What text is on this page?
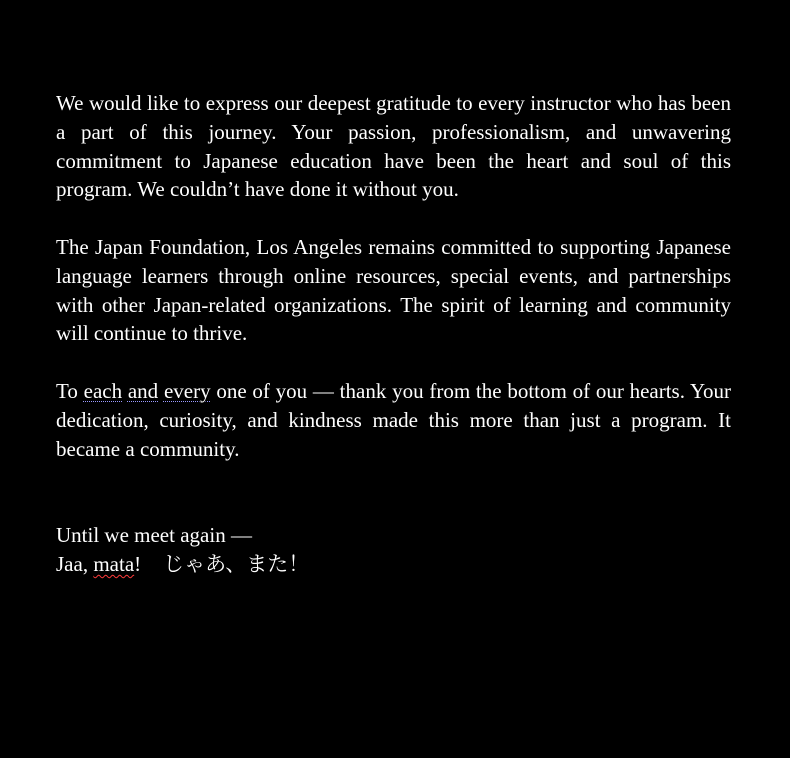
We would like to express our deepest gratitude to every instructor who has been a part of this journey. Your passion, professionalism, and unwavering commitment to Japanese education have been the heart and soul of this program. We couldn’t have done it without you.

The Japan Foundation, Los Angeles remains committed to supporting Japanese language learners through online resources, special events, and partnerships with other Japan-related organizations. The spirit of learning and community will continue to thrive.

To each and every one of you — thank you from the bottom of our hearts. Your dedication, curiosity, and kindness made this more than just a program. It became a community.

Until we meet again —

Jaa, mata! じゃあ、また！
